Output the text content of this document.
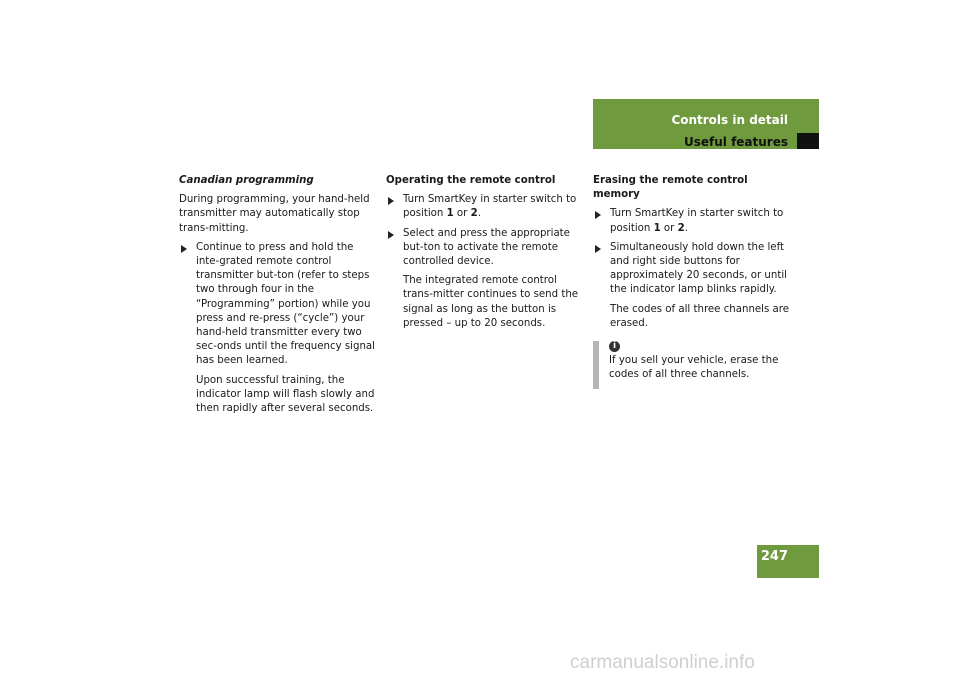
Controls in detail
Useful features

Canadian programming

During programming, your hand-held transmitter may automatically stop trans-mitting.

Continue to press and hold the inte-grated remote control transmitter but-ton (refer to steps two through four in the “Programming” portion) while you press and re-press (“cycle”) your hand-held transmitter every two sec-onds until the frequency signal has been learned.

Upon successful training, the indicator lamp will flash slowly and then rapidly after several seconds.

Operating the remote control

Turn SmartKey in starter switch to position 1 or 2.
Select and press the appropriate but-ton to activate the remote controlled device.

The integrated remote control trans-mitter continues to send the signal as long as the button is pressed – up to 20 seconds.

Erasing the remote control memory

Turn SmartKey in starter switch to position 1 or 2.
Simultaneously hold down the left and right side buttons for approximately 20 seconds, or until the indicator lamp blinks rapidly.

The codes of all three channels are erased.

i
If you sell your vehicle, erase the codes of all three channels.
247
carmanualsonline.info
